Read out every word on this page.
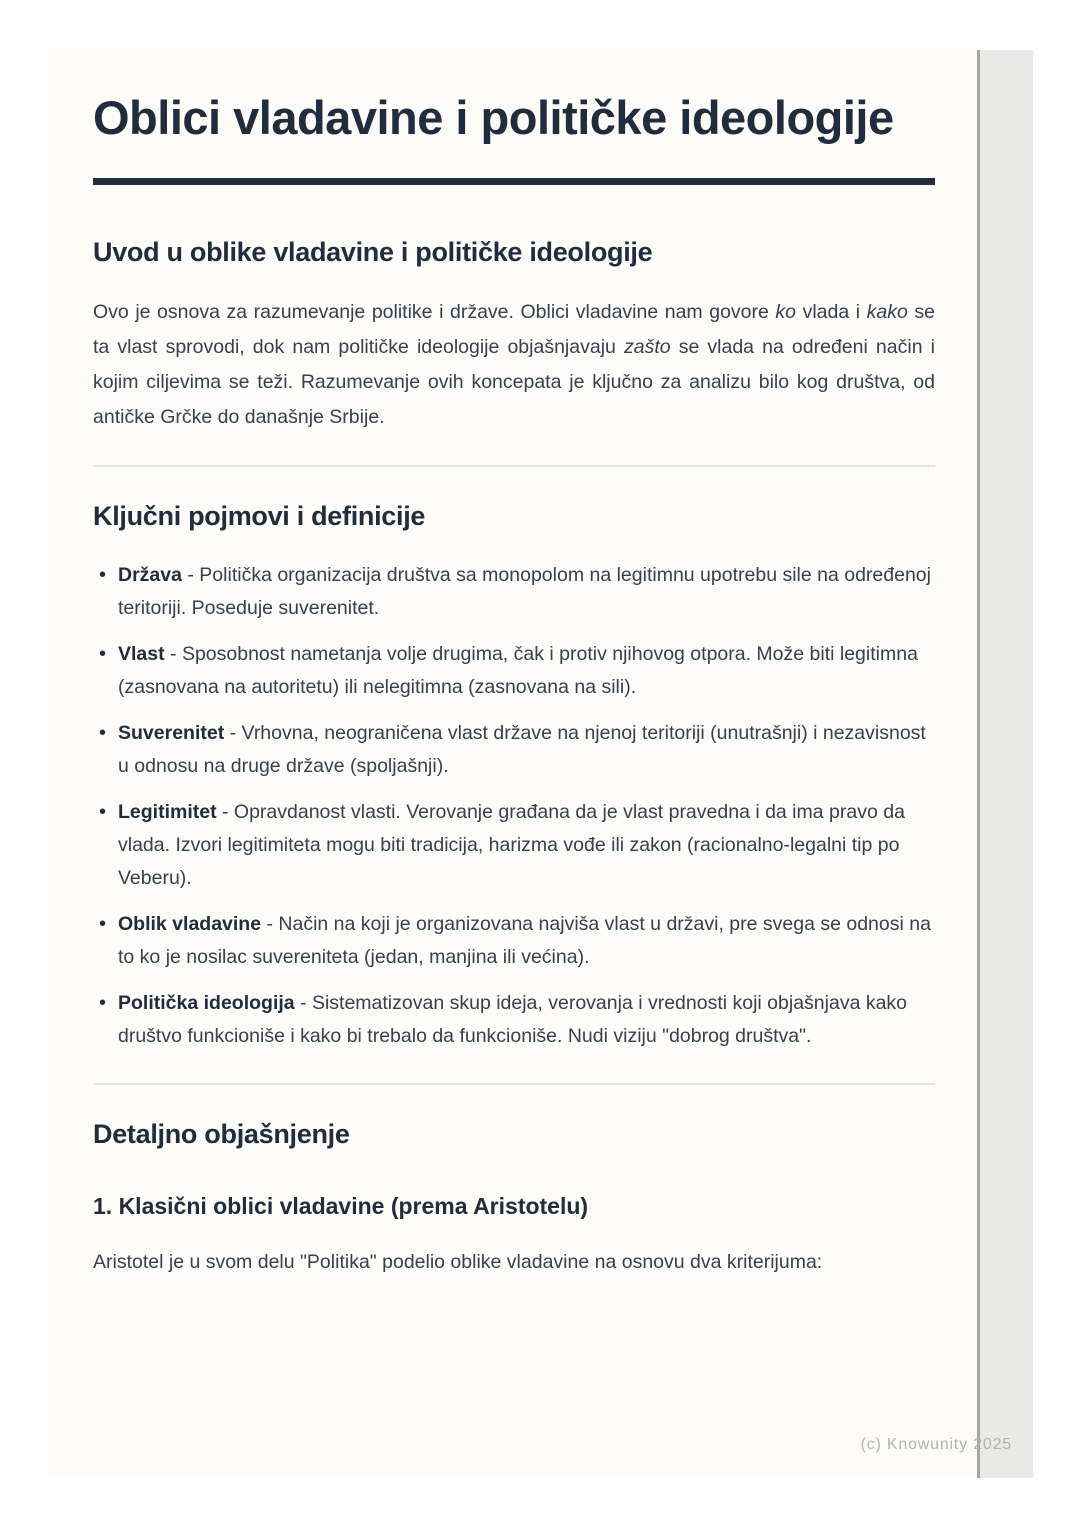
Oblici vladavine i političke ideologije
Uvod u oblike vladavine i političke ideologije

Ovo je osnova za razumevanje politike i države. Oblici vladavine nam govore ko vlada i kako se ta vlast sprovodi, dok nam političke ideologije objašnjavaju zašto se vlada na određeni način i kojim ciljevima se teži. Razumevanje ovih koncepata je ključno za analizu bilo kog društva, od antičke Grčke do današnje Srbije.

Ključni pojmovi i definicije
• Država - Politička organizacija društva sa monopolom na legitimnu upotrebu sile na određenoj teritoriji. Poseduje suverenitet.
• Vlast - Sposobnost nametanja volje drugima, čak i protiv njihovog otpora. Može biti legitimna (zasnovana na autoritetu) ili nelegitimna (zasnovana na sili).
• Suverenitet - Vrhovna, neograničena vlast države na njenoj teritoriji (unutrašnji) i nezavisnost u odnosu na druge države (spoljašnji).
• Legitimitet - Opravdanost vlasti. Verovanje građana da je vlast pravedna i da ima pravo da vlada. Izvori legitimiteta mogu biti tradicija, harizma vođe ili zakon (racionalno-legalni tip po Veberu).
• Oblik vladavine - Način na koji je organizovana najviša vlast u državi, pre svega se odnosi na to ko je nosilac suvereniteta (jedan, manjina ili većina).
• Politička ideologija - Sistematizovan skup ideja, verovanja i vrednosti koji objašnjava kako društvo funkcioniše i kako bi trebalo da funkcioniše. Nudi viziju "dobrog društva".
Detaljno objašnjenje
1. Klasični oblici vladavine (prema Aristotelu)

Aristotel je u svom delu "Politika" podelio oblike vladavine na osnovu dva kriterijuma:

(c) Knowunity 2025
